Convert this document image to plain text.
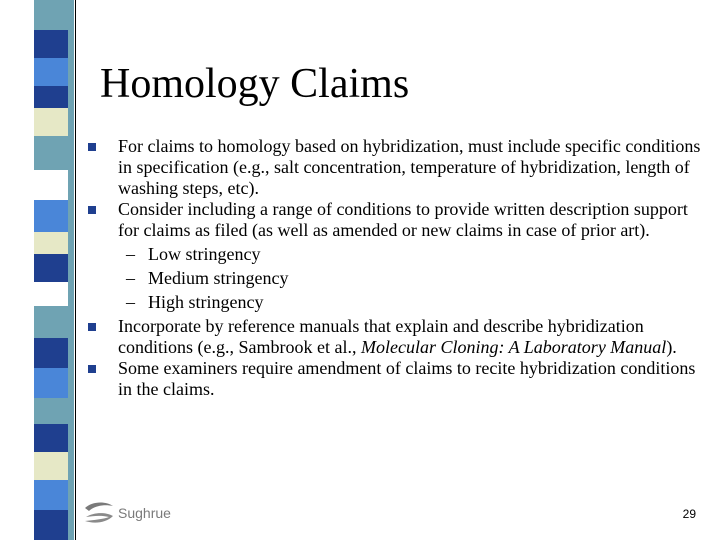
Homology Claims

For claims to homology based on hybridization, must include specific conditions in specification (e.g., salt concentration, temperature of hybridization, length of washing steps, etc).

Consider including a range of conditions to provide written description support for claims as filed (as well as amended or new claims in case of prior art).

– Low stringency
– Medium stringency
– High stringency

Incorporate by reference manuals that explain and describe hybridization conditions (e.g., Sambrook et al., Molecular Cloning: A Laboratory Manual).

Some examiners require amendment of claims to recite hybridization conditions in the claims.

Sughrue	29
